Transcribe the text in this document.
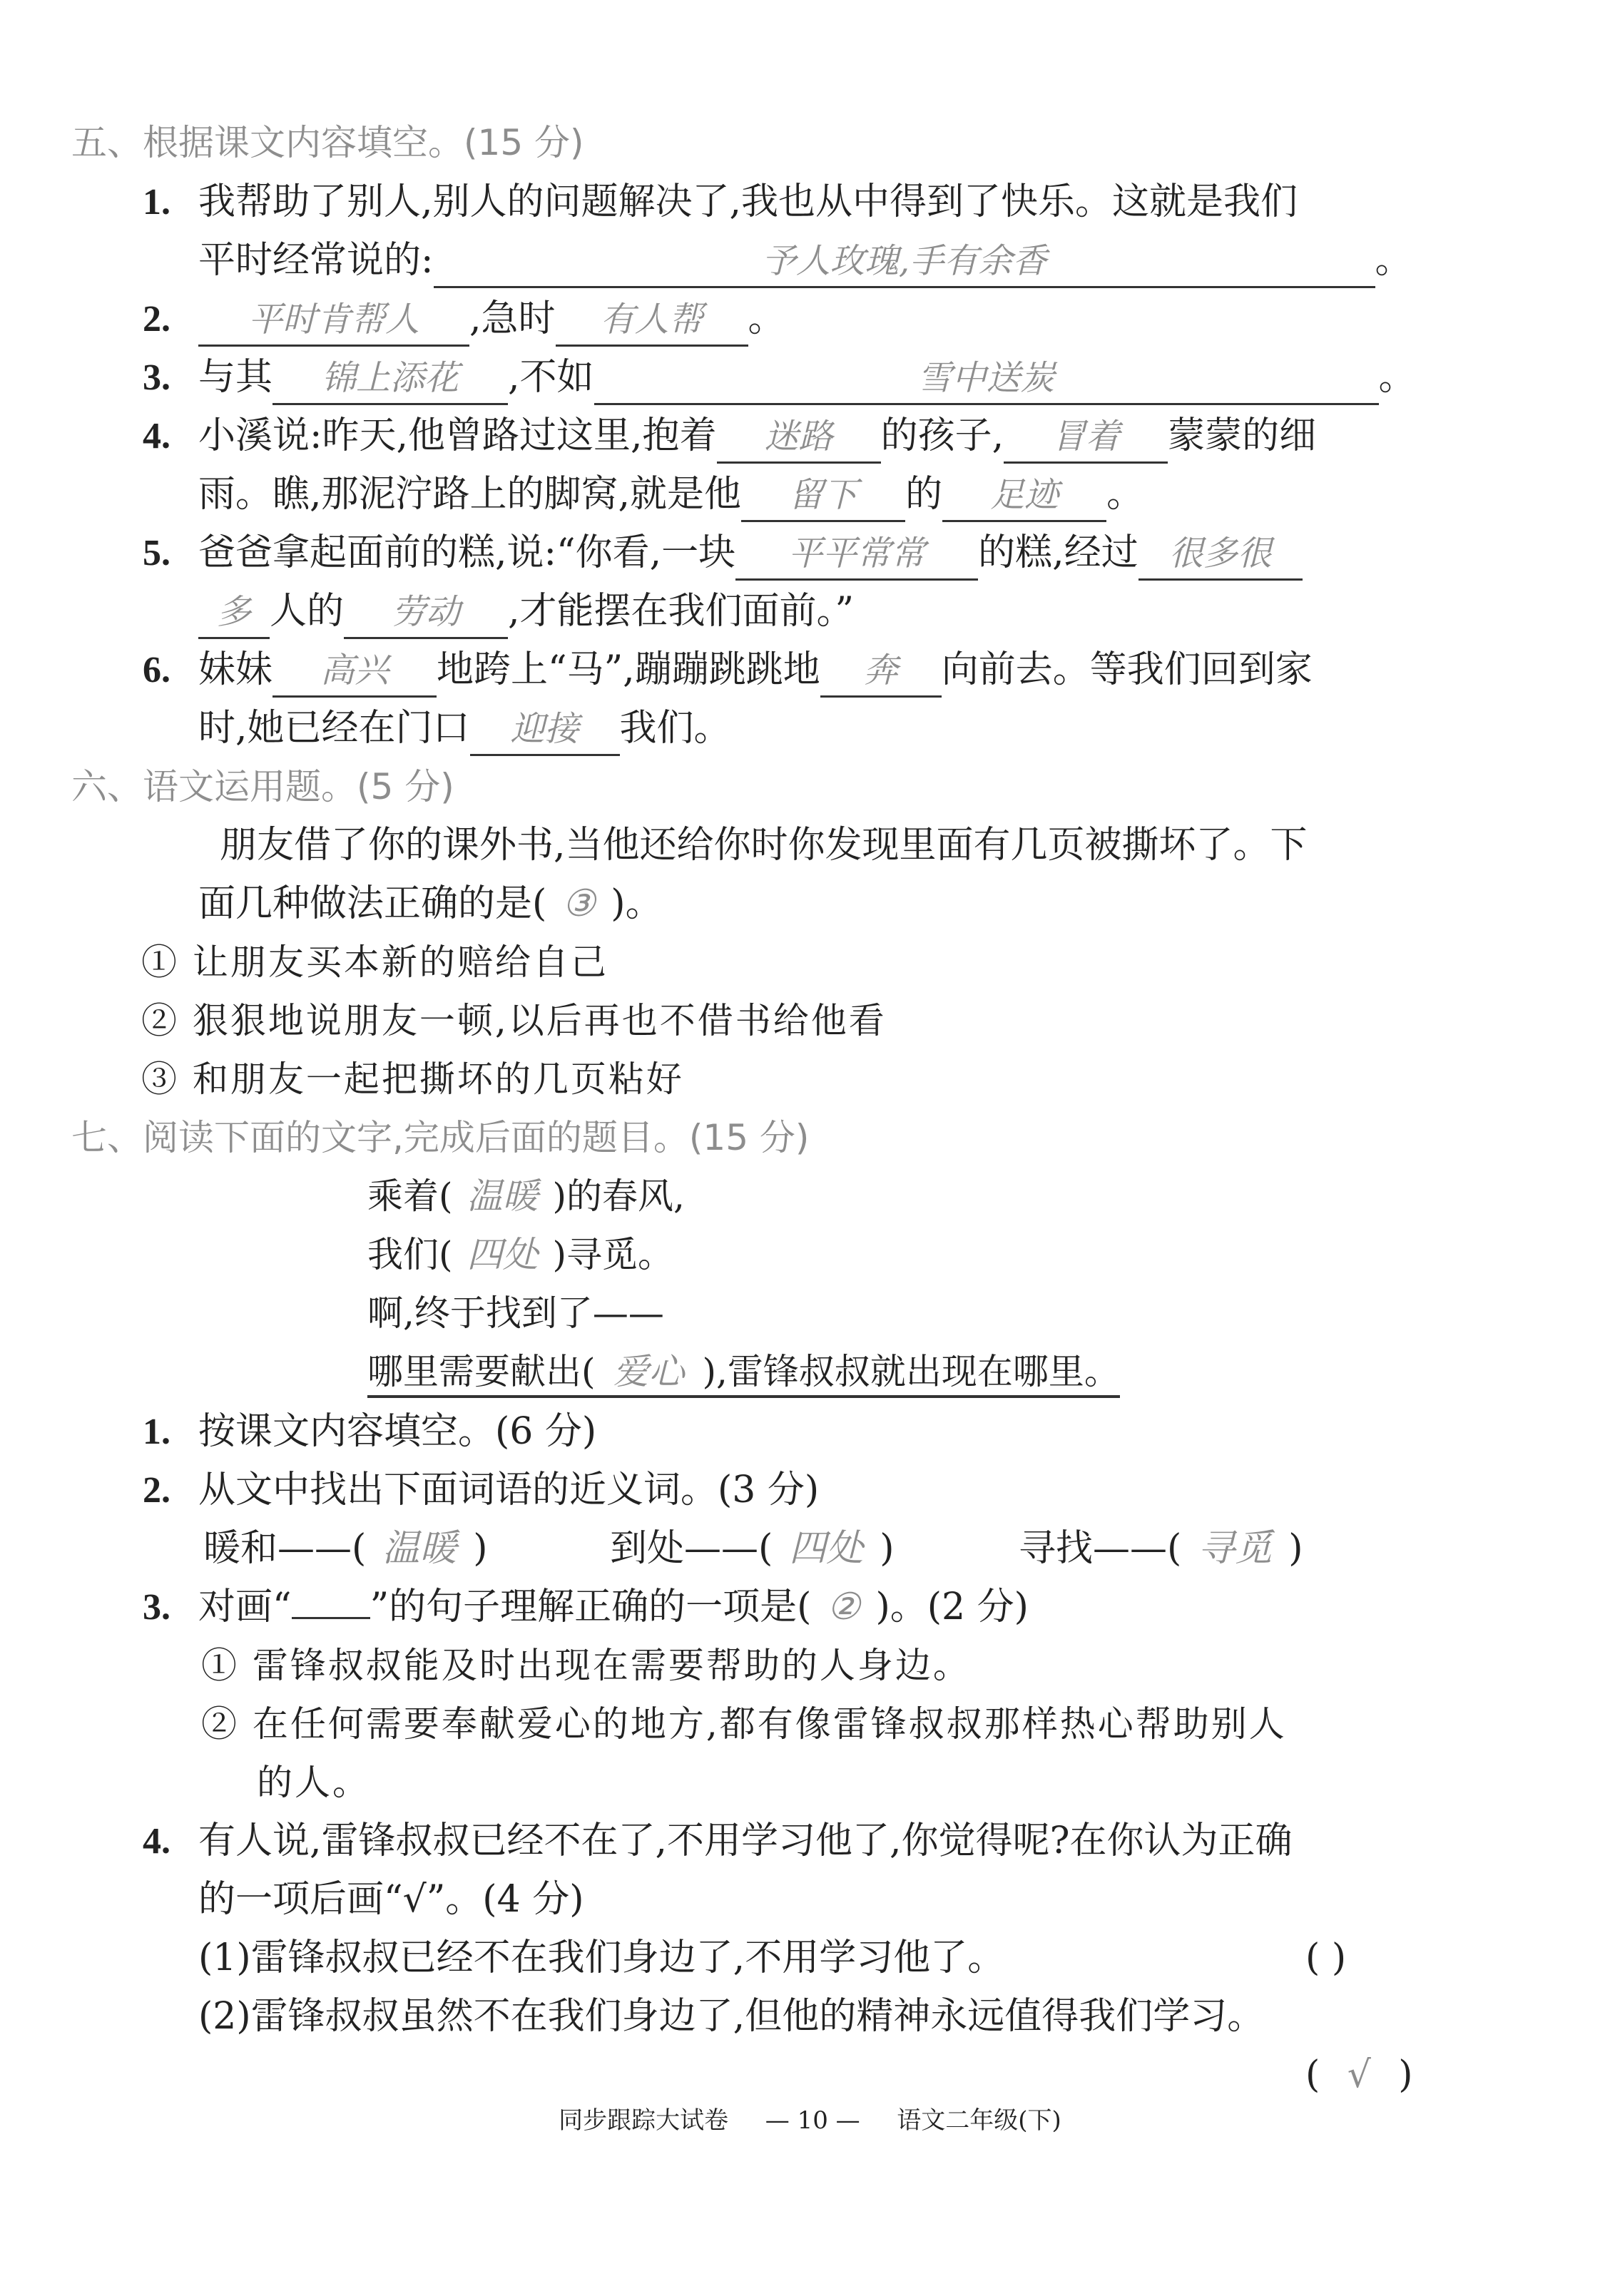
五、根据课文内容填空。(15 分)
1. 我帮助了别人,别人的问题解决了,我也从中得到了快乐。这就是我们
平时经常说的:	予人玫瑰,手有余香	。
2. 平时肯帮人 ,急时 有人帮 。
3. 与其 锦上添花 ,不如	雪中送炭	。
4. 小溪说:昨天,他曾路过这里,抱着 迷路 的孩子, 冒着 蒙蒙的细
雨。瞧,那泥泞路上的脚窝,就是他 留下 的 足迹 。
5. 爸爸拿起面前的糕,说:“你看,一块 平平常常 的糕,经过 很多很
多 人的 劳动 ,才能摆在我们面前。”
6. 妹妹 高兴 地跨上“马”,蹦蹦跳跳地 奔 向前去。等我们回到家
时,她已经在门口 迎接 我们。
六、语文运用题。(5 分)
朋友借了你的课外书,当他还给你时你发现里面有几页被撕坏了。下
面几种做法正确的是( ③ )。
① 让朋友买本新的赔给自己
② 狠狠地说朋友一顿,以后再也不借书给他看
③ 和朋友一起把撕坏的几页粘好
七、阅读下面的文字,完成后面的题目。(15 分)
乘着( 温暖 )的春风,
我们( 四处 )寻觅。
啊,终于找到了——
哪里需要献出( 爱心 ),雷锋叔叔就出现在哪里。
1. 按课文内容填空。(6 分)
2. 从文中找出下面词语的近义词。(3 分)
暖和——( 温暖 )	到处——( 四处 )	寻找——( 寻觅 )
3. 对画“ ”的句子理解正确的一项是( ② )。(2 分)
① 雷锋叔叔能及时出现在需要帮助的人身边。
② 在任何需要奉献爱心的地方,都有像雷锋叔叔那样热心帮助别人
的人。
4. 有人说,雷锋叔叔已经不在了,不用学习他了,你觉得呢?在你认为正确
的一项后画“√”。(4 分)
(1)雷锋叔叔已经不在我们身边了,不用学习他了。	( )
(2)雷锋叔叔虽然不在我们身边了,但他的精神永远值得我们学习。
( √ )
同步跟踪大试卷 — 10 — 语文二年级(下)
